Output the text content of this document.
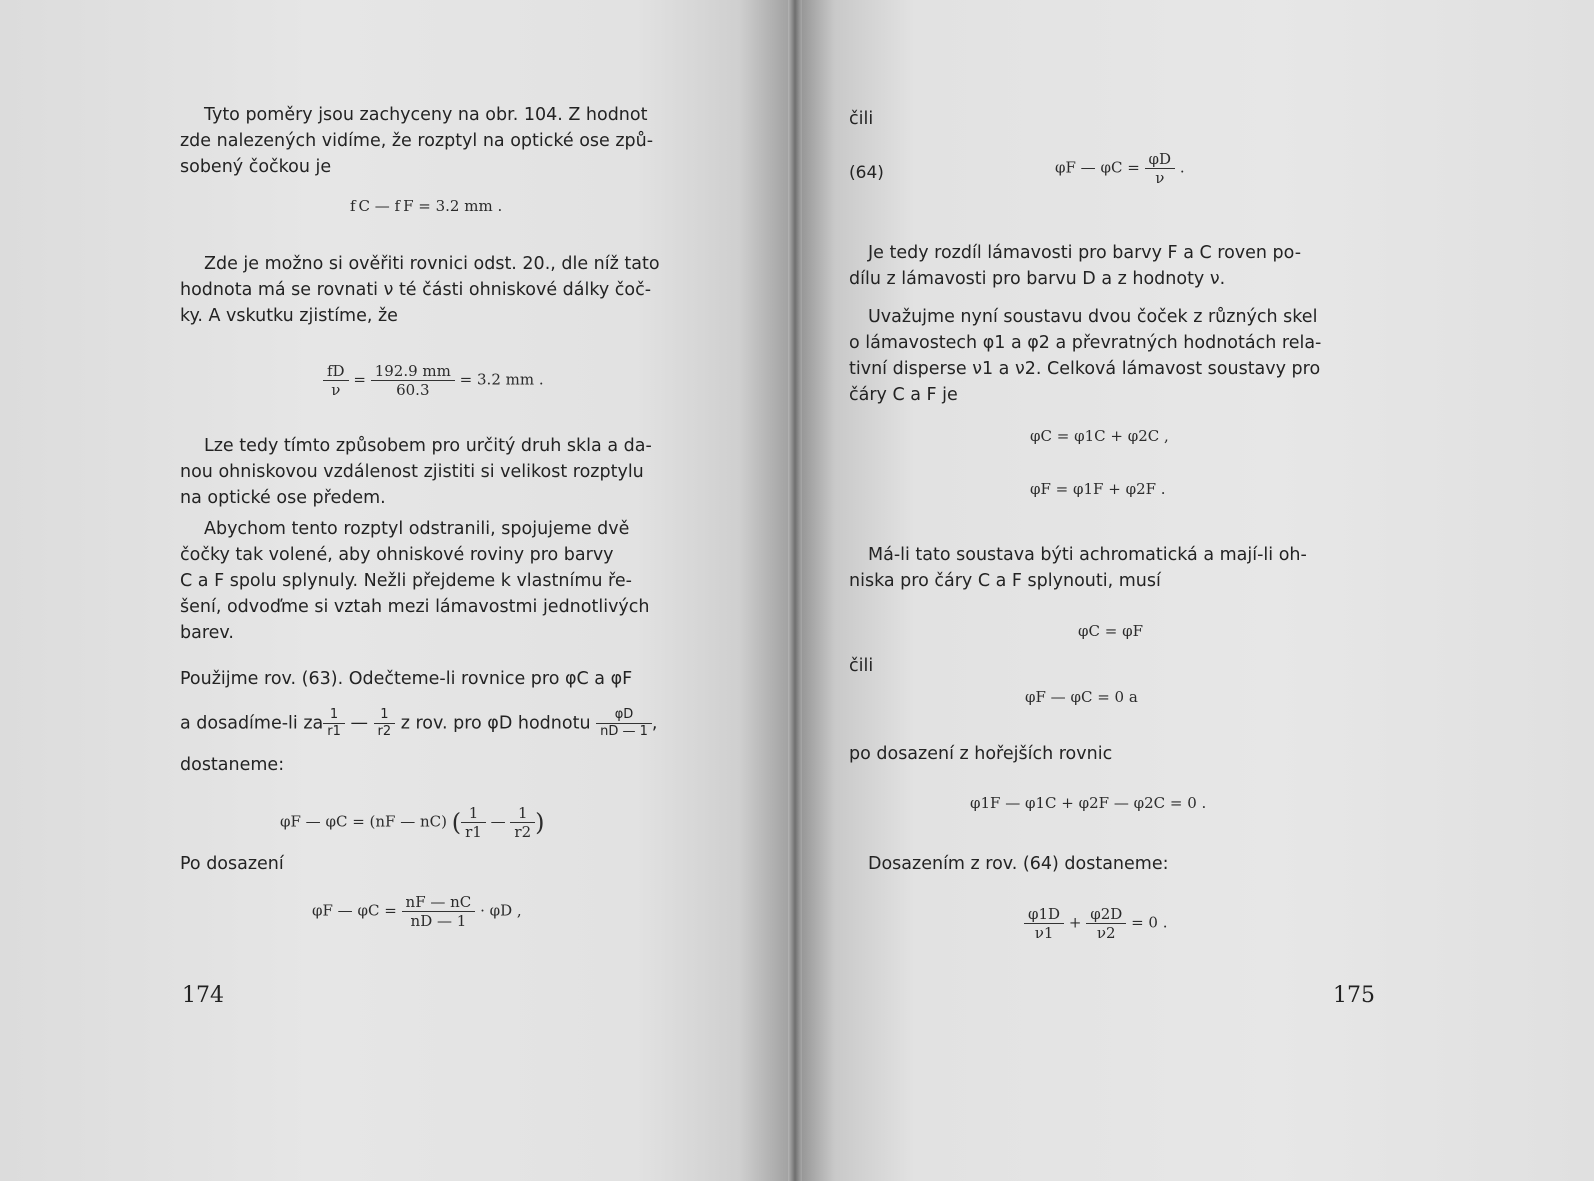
Tyto poměry jsou zachyceny na obr. 104. Z hodnot
zde nalezených vidíme, že rozptyl na optické ose způ-
sobený čočkou je
f C — f F = 3.2 mm .
Zde je možno si ověřiti rovnici odst. 20., dle níž tato
hodnota má se rovnati ν té části ohniskové dálky čoč-
ky. A vskutku zjistíme, že
$\frac{fD}{\nu} = \frac{192.9 mm}{60.3} = 3.2$ mm .
Lze tedy tímto způsobem pro určitý druh skla a da-
nou ohniskovou vzdálenost zjistiti si velikost rozptylu
na optické ose předem.
Abychom tento rozptyl odstranili, spojujeme dvě
čočky tak volené, aby ohniskové roviny pro barvy
C a F spolu splynuly. Nežli přejdeme k vlastnímu ře-
šení, odvoďme si vztah mezi lámavostmi jednotlivých
barev.
Použijme rov. (63). Odečteme-li rovnice pro φC a φF
a dosadíme-li za $\frac{1}{r1}$ — $\frac{1}{r2}$ z rov. pro φD hodnotu $\frac{\varphi D}{nD — 1}$ ,
dostaneme:
φF — φC = (nF — nC) ( $\frac{1}{r1}$ — $\frac{1}{r2}$ )
Po dosazení
φF — $\varphi C = \frac{nF — nC}{nD — 1} \cdot \varphi D$ ,
174
čili
(64)	φF — $\varphi C = \frac{\varphi D}{\nu}$ .
Je tedy rozdíl lámavosti pro barvy F a C roven po-
dílu z lámavosti pro barvu D a z hodnoty ν.
Uvažujme nyní soustavu dvou čoček z různých skel
o lámavostech φ1 a φ2 a převratných hodnotách rela-
tivní disperse ν1 a ν2. Celková lámavost soustavy pro
čáry C a F je
φC = φ1C + φ2C ,
φF = φ1F + φ2F .
Má-li tato soustava býti achromatická a mají-li oh-
niska pro čáry C a F splynouti, musí
φC = φF
čili
φF — φC = 0 a
po dosazení z hořejších rovnic
φ1F — φ1C + φ2F — φ2C = 0 .
Dosazením z rov. (64) dostaneme:
$\frac{\varphi 1D}{\nu 1} + \frac{\varphi 2D}{\nu 2} = 0$ .
175
